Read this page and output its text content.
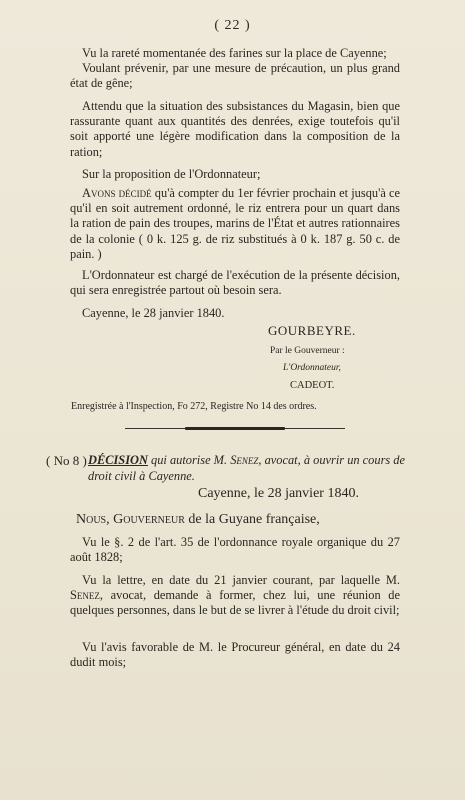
( 22 )

Vu la rareté momentanée des farines sur la place de Cayenne;

Voulant prévenir, par une mesure de précaution, un plus grand état de gêne;

Attendu que la situation des subsistances du Magasin, bien que rassurante quant aux quantités des denrées, exige toutefois qu'il soit apporté une légère modification dans la composition de la ration;

Sur la proposition de l'Ordonnateur;

Avons décidé qu'à compter du 1er février prochain et jusqu'à ce qu'il en soit autrement ordonné, le riz entrera pour un quart dans la ration de pain des troupes, marins de l'État et autres rationnaires de la colonie ( 0 k. 125 g. de riz substitués à 0 k. 187 g. 50 c. de pain. )

L'Ordonnateur est chargé de l'exécution de la présente décision, qui sera enregistrée partout où besoin sera.

Cayenne, le 28 janvier 1840.

GOURBEYRE.
Par le Gouverneur :
L'Ordonnateur,
CADEOT.
Enregistrée à l'Inspection, Fo 272, Registre No 14 des ordres.
( No 8 ) DÉCISION qui autorise M. Senez, avocat, à ouvrir un cours de droit civil à Cayenne.
Cayenne, le 28 janvier 1840.
Nous, Gouverneur de la Guyane française,

Vu le §. 2 de l'art. 35 de l'ordonnance royale organique du 27 août 1828;

Vu la lettre, en date du 21 janvier courant, par laquelle M. Senez, avocat, demande à former, chez lui, une réunion de quelques personnes, dans le but de se livrer à l'étude du droit civil;

Vu l'avis favorable de M. le Procureur général, en date du 24 dudit mois;
